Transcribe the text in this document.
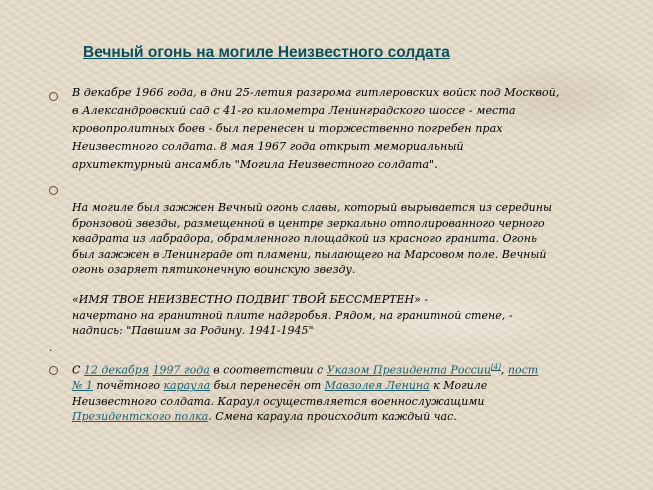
Вечный огонь на могиле Неизвестного солдата
В декабре 1966 года, в дни 25-летия разгрома гитлеровских войск под Москвой,
в Александровский сад с 41-го километра Ленинградского шоссе - места
кровопролитных боев - был перенесен и торжественно погребен прах
Неизвестного солдата. 8 мая 1967 года открыт мемориальный
архитектурный ансамбль "Могила Неизвестного солдата".
На могиле был зажжен Вечный огонь славы, который вырывается из середины
бронзовой звезды, размещенной в центре зеркально отполированного черного
квадрата из лабрадора, обрамленного площадкой из красного гранита. Огонь
был зажжен в Ленинграде от пламени, пылающего на Марсовом поле. Вечный
огонь озаряет пятиконечную воинскую звезду.
«ИМЯ ТВОЕ НЕИЗВЕСТНО ПОДВИГ ТВОЙ БЕССМЕРТЕН» -
начертано на гранитной плите надгробья. Рядом, на гранитной стене, -
надпись: "Павшим за Родину. 1941-1945"
.
С 12 декабря 1997 года в соответствии с Указом Президента России[4], пост
№ 1 почётного караула был перенесён от Мавзолея Ленина к Могиле
Неизвестного солдата. Караул осуществляется военнослужащими
Президентского полка. Смена караула происходит каждый час.
